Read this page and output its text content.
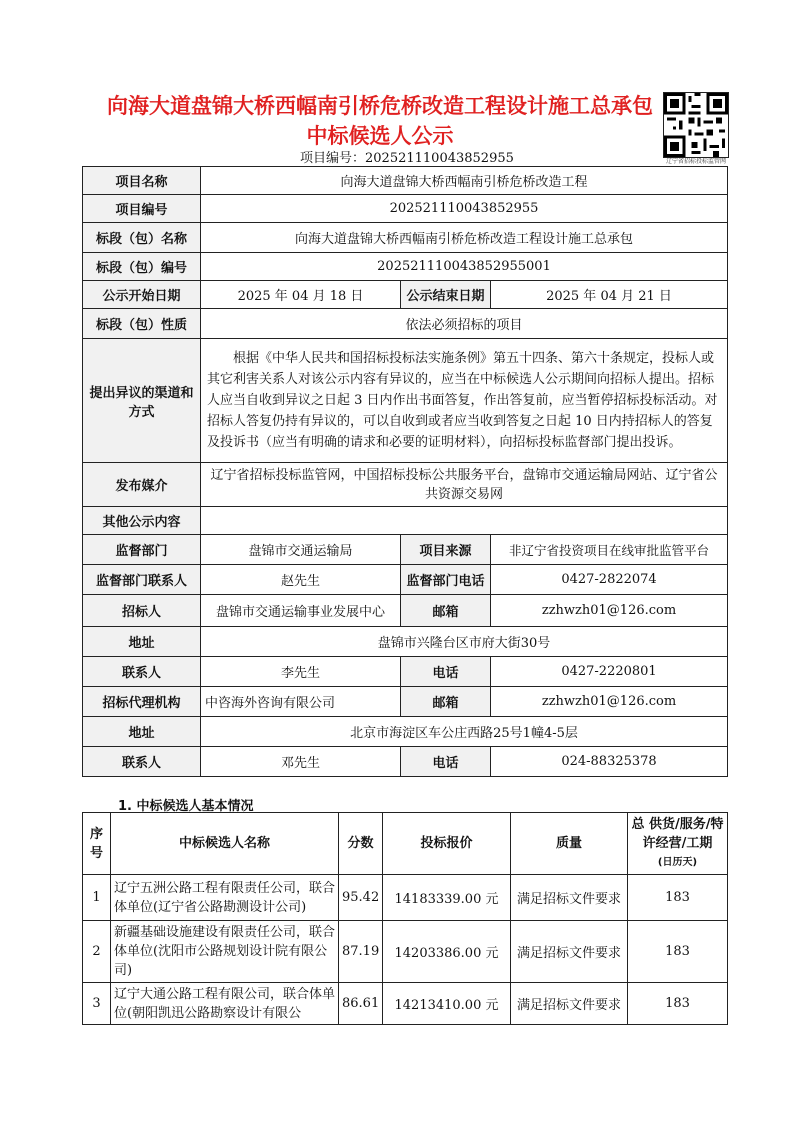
向海大道盘锦大桥西幅南引桥危桥改造工程设计施工总承包
中标候选人公示
项目编号：202521110043852955	辽宁省招标投标监管网
项目名称	向海大道盘锦大桥西幅南引桥危桥改造工程		
项目编号	202521110043852955		
标段（包）名称	向海大道盘锦大桥西幅南引桥危桥改造工程设计施工总承包		
标段（包）编号	202521110043852955001		
公示开始日期	2025 年 04 月 18 日	公示结束日期	2025 年 04 月 21 日
标段（包）性质	依法必须招标的项目		
提出异议的渠道和方式	根据《中华人民共和国招标投标法实施条例》第五十四条、第六十条规定，投标人或其它利害关系人对该公示内容有异议的，应当在中标候选人公示期间向招标人提出。招标人应当自收到异议之日起 3 日内作出书面答复，作出答复前，应当暂停招标投标活动。对招标人答复仍持有异议的，可以自收到或者应当收到答复之日起 10 日内持招标人的答复及投诉书（应当有明确的请求和必要的证明材料），向招标投标监督部门提出投诉。		
发布媒介	辽宁省招标投标监管网，中国招标投标公共服务平台，盘锦市交通运输局网站、辽宁省公共资源交易网		
其他公示内容			
监督部门	盘锦市交通运输局	项目来源	非辽宁省投资项目在线审批监管平台
监督部门联系人	赵先生	监督部门电话	0427-2822074
招标人	盘锦市交通运输事业发展中心	邮箱	zzhwzh01@126.com
地址	盘锦市兴隆台区市府大街30号		
联系人	李先生	电话	0427-2220801
招标代理机构	中咨海外咨询有限公司	邮箱	zzhwzh01@126.com
地址	北京市海淀区车公庄西路25号1幢4-5层		
联系人	邓先生	电话	024-88325378
1. 中标候选人基本情况
序号	中标候选人名称	分数	投标报价	质量	总 供货/服务/特许经营/工期
(日历天)

1	辽宁五洲公路工程有限责任公司，联合体单位(辽宁省公路勘测设计公司)	95.42	14183339.00 元	满足招标文件要求	183
2	新疆基础设施建设有限责任公司，联合体单位(沈阳市公路规划设计院有限公司)	87.19	14203386.00 元	满足招标文件要求	183
3	辽宁大通公路工程有限公司，联合体单位(朝阳凯迅公路勘察设计有限公	86.61	14213410.00 元	满足招标文件要求	183
